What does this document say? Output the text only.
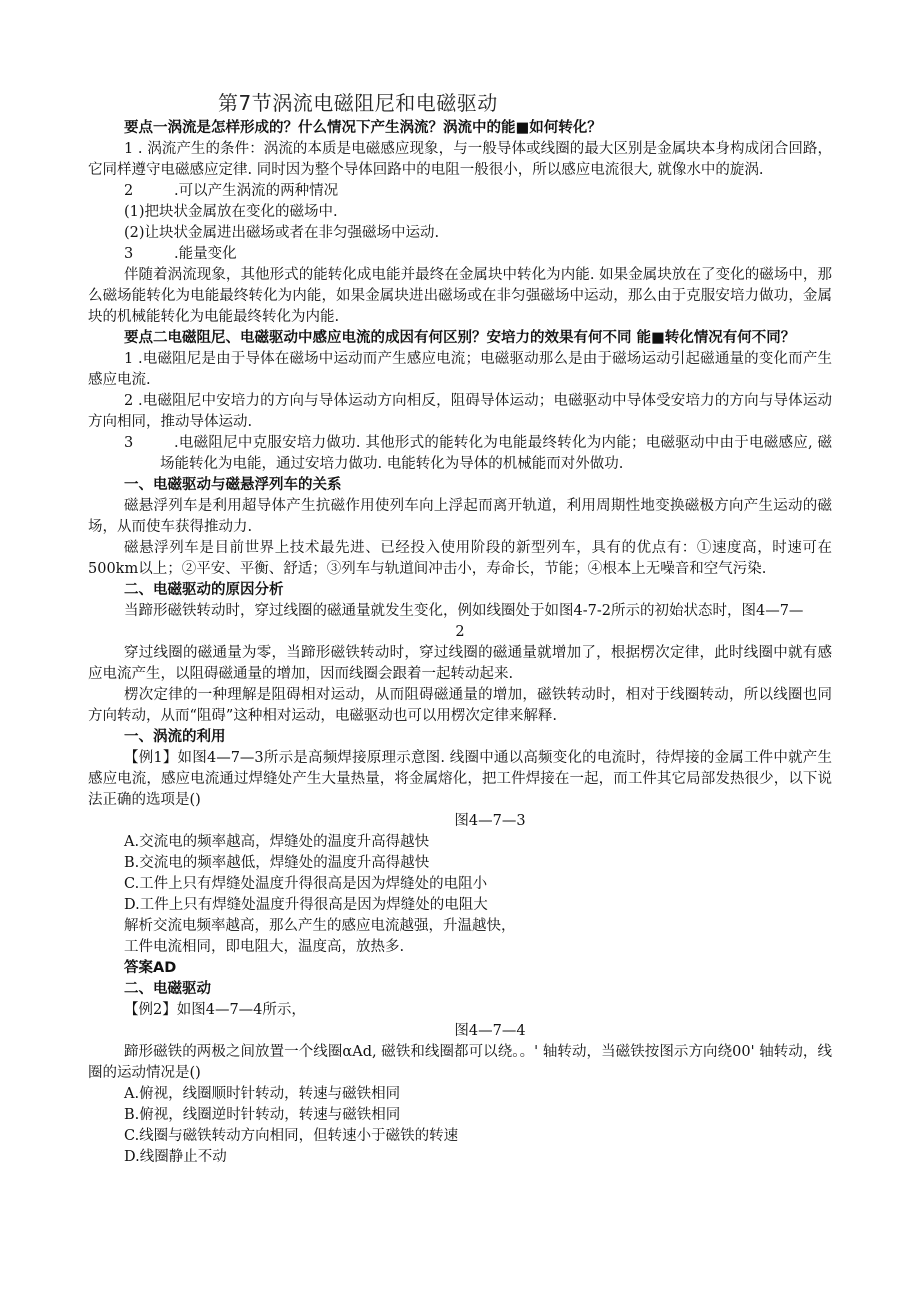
第7节涡流电磁阻尼和电磁驱动

要点一涡流是怎样形成的？什么情况下产生涡流？涡流中的能■如何转化？

1 . 涡流产生的条件：涡流的本质是电磁感应现象，与一般导体或线圈的最大区别是金属块本身构成闭合回路，它同样遵守电磁感应定律. 同时因为整个导体回路中的电阻一般很小，所以感应电流很大, 就像水中的旋涡.

2	.可以产生涡流的两种情况

(1)把块状金属放在变化的磁场中.

(2)让块状金属进出磁场或者在非匀强磁场中运动.

3	.能量变化

伴随着涡流现象，其他形式的能转化成电能并最终在金属块中转化为内能. 如果金属块放在了变化的磁场中，那么磁场能转化为电能最终转化为内能，如果金属块进出磁场或在非匀强磁场中运动，那么由于克服安培力做功，金属块的机械能转化为电能最终转化为内能.

要点二电磁阻尼、电磁驱动中感应电流的成因有何区别？安培力的效果有何不同 能■转化情况有何不同？

1 .电磁阻尼是由于导体在磁场中运动而产生感应电流；电磁驱动那么是由于磁场运动引起磁通量的变化而产生感应电流.

2 .电磁阻尼中安培力的方向与导体运动方向相反，阻碍导体运动；电磁驱动中导体受安培力的方向与导体运动方向相同，推动导体运动.

3	.电磁阻尼中克服安培力做功. 其他形式的能转化为电能最终转化为内能；电磁驱动中由于电磁感应, 磁场能转化为电能，通过安培力做功. 电能转化为导体的机械能而对外做功.

一、电磁驱动与磁悬浮列车的关系

磁悬浮列车是利用超导体产生抗磁作用使列车向上浮起而离开轨道，利用周期性地变换磁极方向产生运动的磁场，从而使车获得推动力.

磁悬浮列车是目前世界上技术最先进、已经投入使用阶段的新型列车，具有的优点有：①速度高，时速可在500km以上；②平安、平衡、舒适；③列车与轨道间冲击小，寿命长，节能；④根本上无噪音和空气污染.

二、电磁驱动的原因分析

当蹄形磁铁转动时，穿过线圈的磁通量就发生变化，例如线圈处于如图4-7-2所示的初始状态时，图4—7—

2

穿过线圈的磁通量为零，当蹄形磁铁转动时，穿过线圈的磁通量就增加了，根据楞次定律，此时线圈中就有感应电流产生，以阻碍磁通量的增加，因而线圈会跟着一起转动起来.

楞次定律的一种理解是阻碍相对运动，从而阻碍磁通量的增加，磁铁转动时，相对于线圈转动，所以线圈也同方向转动，从而“阻碍”这种相对运动，电磁驱动也可以用楞次定律来解释.

一、涡流的利用

【例1】如图4—7—3所示是高频焊接原理示意图. 线圈中通以高频变化的电流时，待焊接的金属工件中就产生感应电流，感应电流通过焊缝处产生大量热量，将金属熔化，把工件焊接在一起，而工件其它局部发热很少，以下说法正确的选项是()

图4—7—3

A.交流电的频率越高，焊缝处的温度升高得越快

B.交流电的频率越低，焊缝处的温度升高得越快

C.工件上只有焊缝处温度升得很高是因为焊缝处的电阻小

D.工件上只有焊缝处温度升得很高是因为焊缝处的电阻大

解析交流电频率越高，那么产生的感应电流越强，升温越快，

工件电流相同，即电阻大，温度高，放热多.

答案AD

二、电磁驱动

【例2】如图4—7—4所示，

图4—7—4

蹄形磁铁的两极之间放置一个线圈αAd, 磁铁和线圈都可以绕。。' 轴转动，当磁铁按图示方向绕00' 轴转动，线圈的运动情况是()

A.俯视，线圈顺时针转动，转速与磁铁相同

B.俯视，线圈逆时针转动，转速与磁铁相同

C.线圈与磁铁转动方向相同，但转速小于磁铁的转速

D.线圈静止不动
